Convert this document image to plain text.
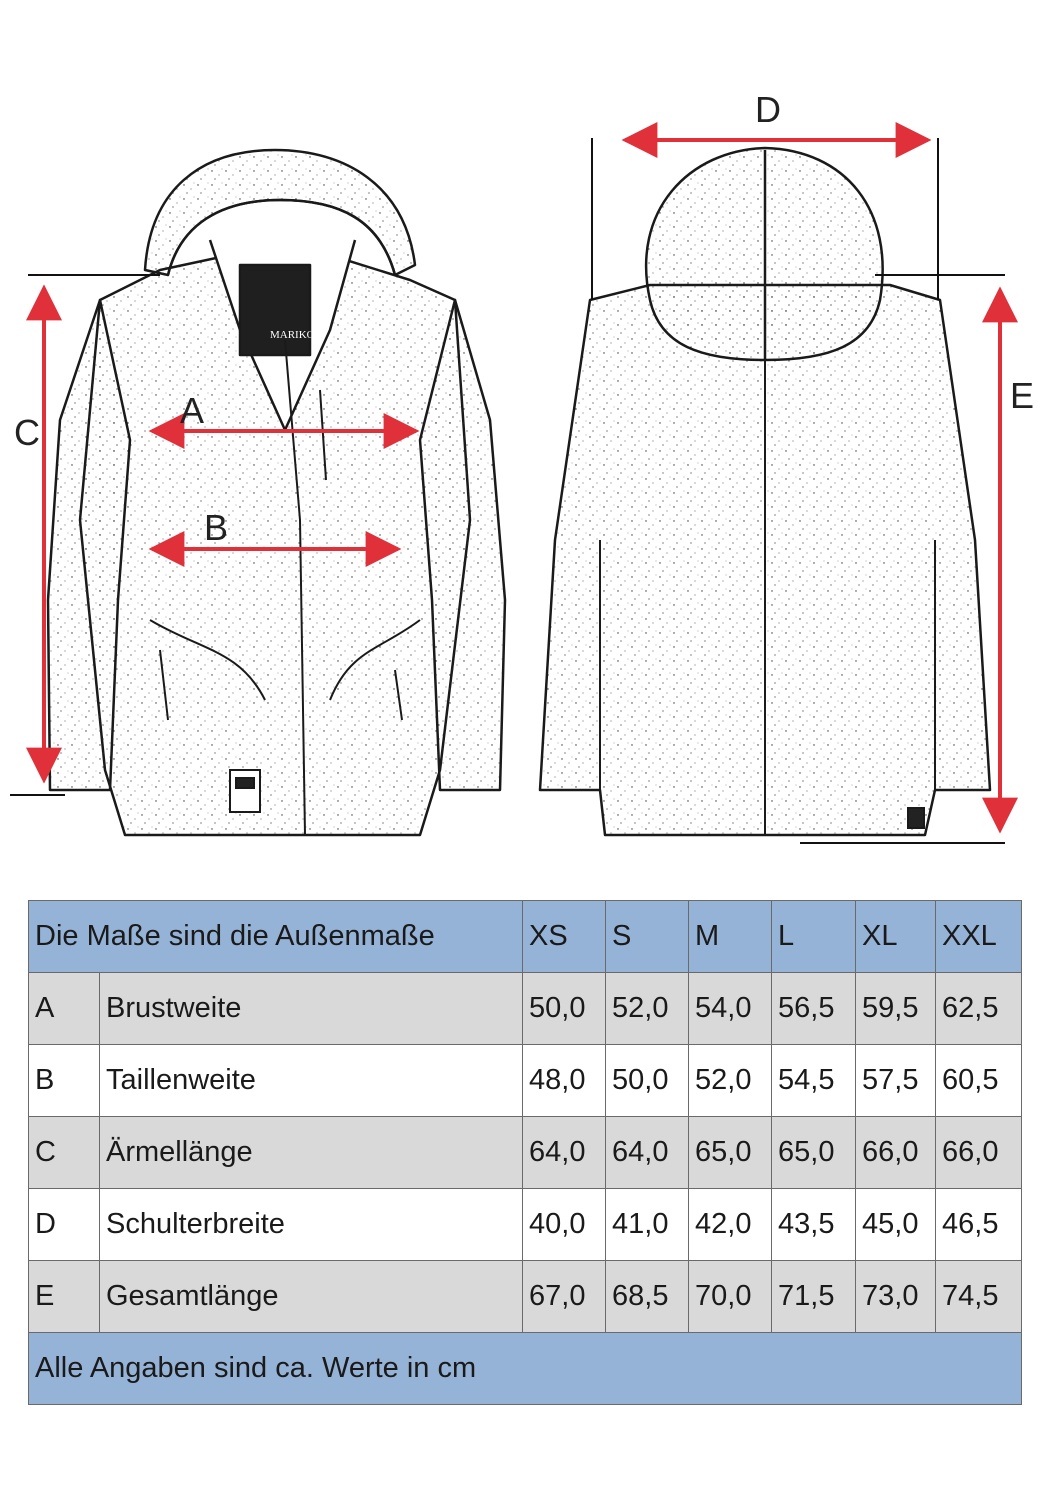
MARIKOO
A
B
C
D
E
Die Maße sind die Außenmaße		XS	S	M	L	XL	XXL
A	Brustweite	50,0	52,0	54,0	56,5	59,5	62,5
B	Taillenweite	48,0	50,0	52,0	54,5	57,5	60,5
C	Ärmellänge	64,0	64,0	65,0	65,0	66,0	66,0
D	Schulterbreite	40,0	41,0	42,0	43,5	45,0	46,5
E	Gesamtlänge	67,0	68,5	70,0	71,5	73,0	74,5
Alle Angaben sind ca. Werte in cm							
